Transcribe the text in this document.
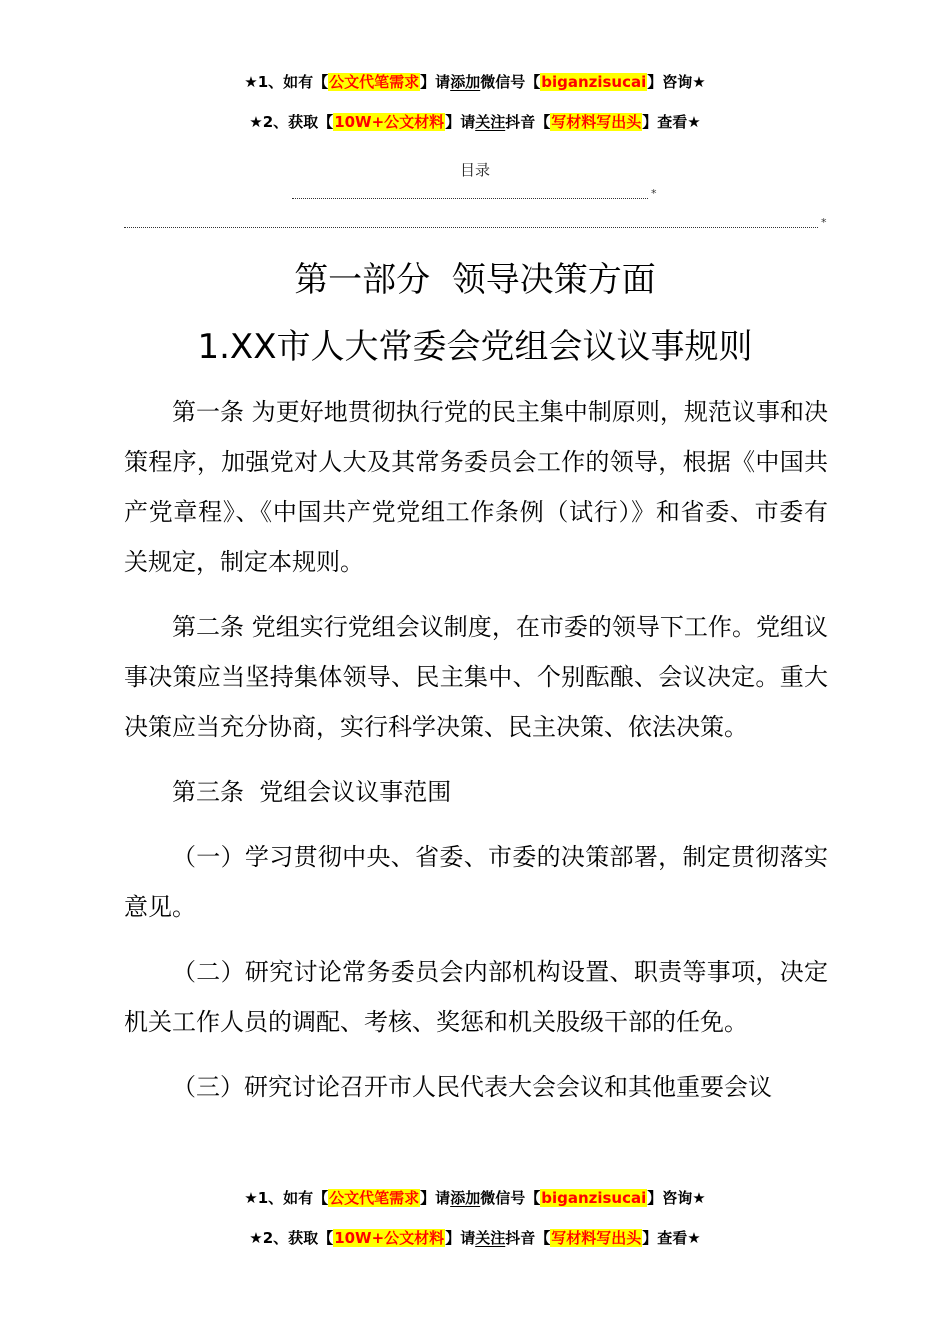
★1、如有【公文代笔需求】请添加微信号【biganzisucai】咨询★
★2、获取【10W+公文材料】请关注抖音【写材料写出头】查看★
目录
*
*
第一部分  领导决策方面
1.XX市人大常委会党组会议议事规则

第一条 为更好地贯彻执行党的民主集中制原则，规范议事和决策程序，加强党对人大及其常务委员会工作的领导，根据《中国共产党章程》、《中国共产党党组工作条例（试行）》和省委、市委有关规定，制定本规则。

第二条 党组实行党组会议制度，在市委的领导下工作。党组议事决策应当坚持集体领导、民主集中、个别酝酿、会议决定。重大决策应当充分协商，实行科学决策、民主决策、依法决策。

第三条  党组会议议事范围

（一）学习贯彻中央、省委、市委的决策部署，制定贯彻落实意见。

（二）研究讨论常务委员会内部机构设置、职责等事项，决定机关工作人员的调配、考核、奖惩和机关股级干部的任免。

（三）研究讨论召开市人民代表大会会议和其他重要会议

★1、如有【公文代笔需求】请添加微信号【biganzisucai】咨询★
★2、获取【10W+公文材料】请关注抖音【写材料写出头】查看★
